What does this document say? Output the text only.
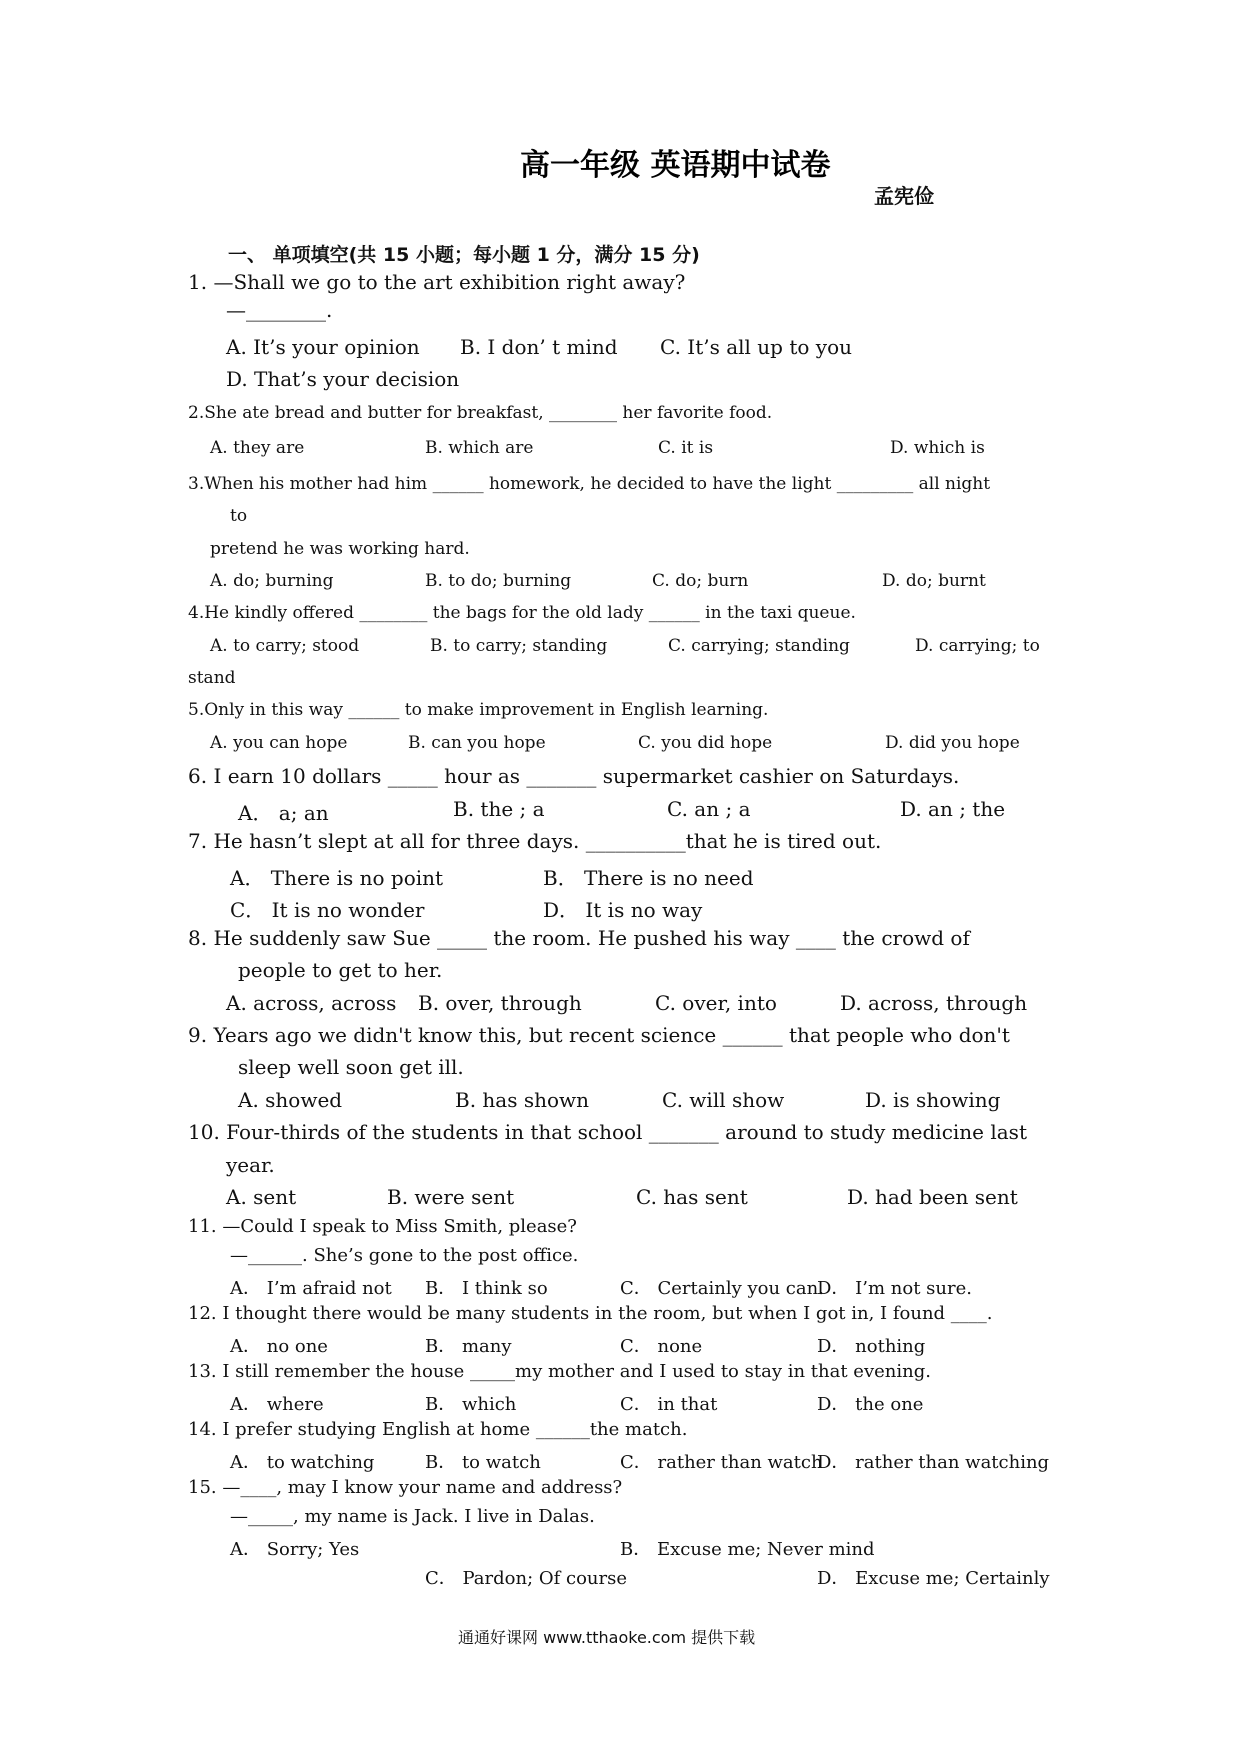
高一年级 英语期中试卷
孟宪俭
一、 单项填空(共 15 小题；每小题 1 分，满分 15 分)
1. —Shall we go to the art exhibition right away?
—________.
A. It’s your opinion B. I don’ t mind C. It’s all up to you
D. That’s your decision
2.She ate bread and butter for breakfast, ________ her favorite food.
A. they are	B. which are	C. it is	D. which is
3.When his mother had him ______ homework, he decided to have the light _________ all night
to
pretend he was working hard.
A. do; burning	B. to do; burning	C. do; burn	D. do; burnt
4.He kindly offered ________ the bags for the old lady ______ in the taxi queue.
A. to carry; stood	B. to carry; standing	C. carrying; standing	D. carrying; to
stand
5.Only in this way ______ to make improvement in English learning.
A. you can hope	B. can you hope	C. you did hope	D. did you hope
6. I earn 10 dollars _____ hour as _______ supermarket cashier on Saturdays.
A． a; an	B. the ; a	C. an ; a	D. an ; the
7. He hasn’t slept at all for three days. __________that he is tired out.
A． There is no point	B． There is no need
C． It is no wonder	D． It is no way
8. He suddenly saw Sue _____ the room. He pushed his way ____ the crowd of
people to get to her.
A. across, across B. over, through	C. over, into	D. across, through
9. Years ago we didn't know this, but recent science ______ that people who don't
sleep well soon get ill.
A. showed	B. has shown	C. will show	D. is showing
10. Four-thirds of the students in that school _______ around to study medicine last
year.
A. sent	B. were sent	C. has sent	D. had been sent
11. —Could I speak to Miss Smith, please?
—______. She’s gone to the post office.
A． I’m afraid not B． I think so	C． Certainly you can.
D． I’m not sure.
12. I thought there would be many students in the room, but when I got in, I found ____.
A． no one	B． many	C． none	D． nothing
13. I still remember the house _____my mother and I used to stay in that evening.
A． where	B． which	C． in that	D． the one
14. I prefer studying English at home ______the match.
A． to watching	B． to watch	C． rather than watch
D． rather than watching
15. —____, may I know your name and address?
—_____, my name is Jack. I live in Dalas.
A． Sorry; Yes	B． Excuse me; Never mind
C． Pardon; Of course	D． Excuse me; Certainly
通通好课网 www.tthaoke.com 提供下载
